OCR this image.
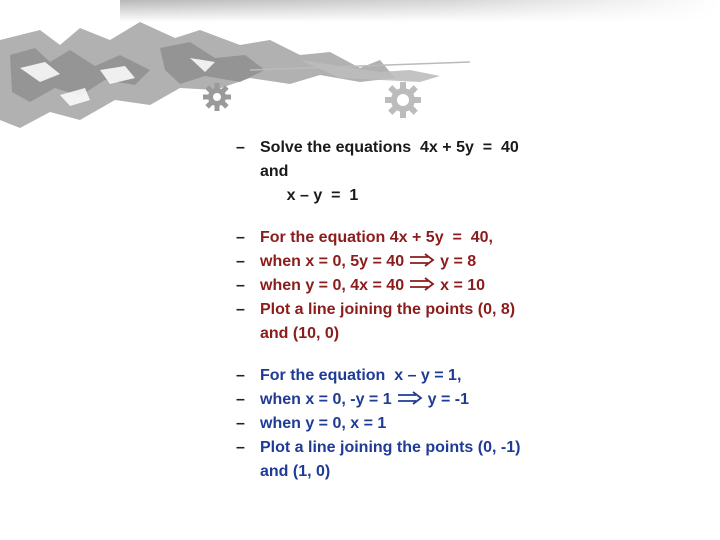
– Solve the equations  4x + 5y  =  40
and
x – y  =  1
– For the equation 4x + 5y  =  40,
– when x = 0, 5y = 40 y = 8
– when y = 0, 4x = 40 x = 10
– Plot a line joining the points (0, 8)
and (10, 0)
– For the equation  x – y = 1,
– when x = 0, -y = 1 y = -1
– when y = 0, x = 1
– Plot a line joining the points (0, -1)
and (1, 0)
